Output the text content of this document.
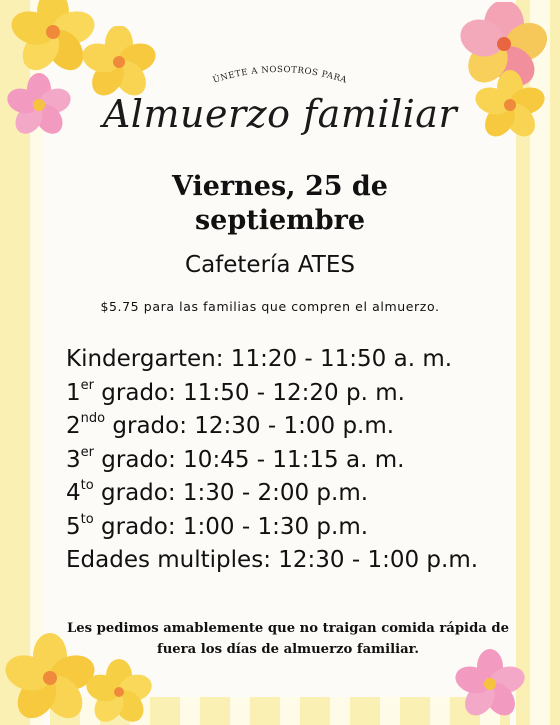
ÚNETE A NOSOTROS PARA
Almuerzo familiar
Viernes, 25 de
septiembre
Cafetería ATES
$5.75 para las familias que compren el almuerzo.
Kindergarten: 11:20 - 11:50 a. m.
1er grado: 11:50 - 12:20 p. m.
$2^{ndo}$ grado: 12:30 - 1:00 p.m.
3er grado: 10:45 - 11:15 a. m.
$4^{to}$ grado: 1:30 - 2:00 p.m.
$5^{to}$ grado: 1:00 - 1:30 p.m.
Edades multiples: 12:30 - 1:00 p.m.
Les pedimos amablemente que no traigan comida rápida de
fuera los días de almuerzo familiar.
